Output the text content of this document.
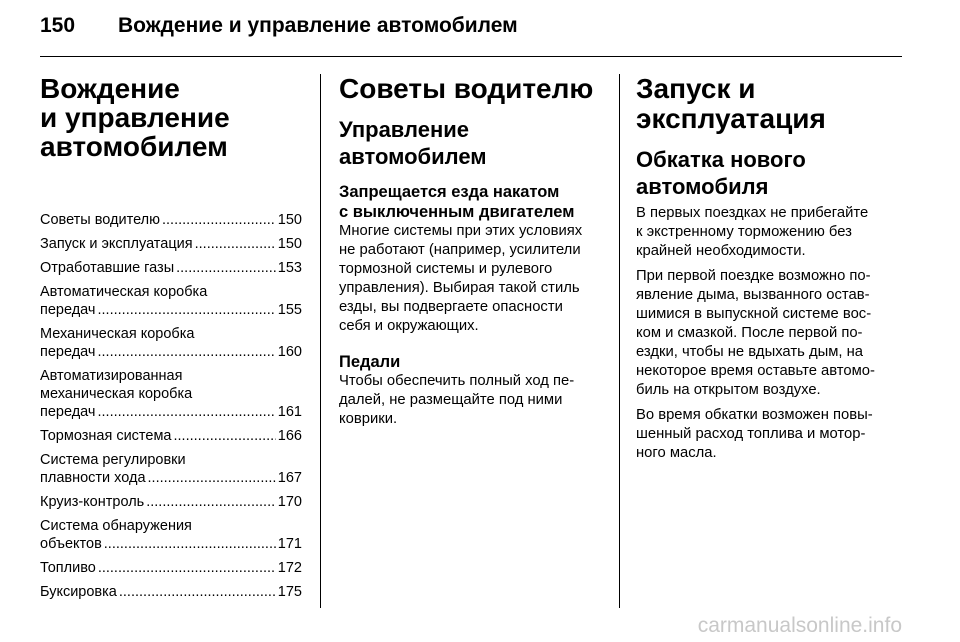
150	Вождение и управление автомобилем
Вождение
и управление
автомобилем
Советы водителю .....	150
Запуск и эксплуатация .....	150
Отработавшие газы .....	153
Автоматическая коробка
передач .....	155
Механическая коробка
передач .....	160
Автоматизированная
механическая коробка
передач .....	161
Тормозная система .....	166
Система регулировки
плавности хода .....	167
Круиз-контроль .....	170
Система обнаружения
объектов .....	171
Топливо .....	172
Буксировка .....	175
Советы водителю
Управление
автомобилем
Запрещается езда накатом
с выключенным двигателем

Многие системы при этих условиях
не работают (например, усилители
тормозной системы и рулевого
управления). Выбирая такой стиль
езды, вы подвергаете опасности
себя и окружающих.

Педали

Чтобы обеспечить полный ход пе-
далей, не размещайте под ними
коврики.

Запуск и эксплуатация
Обкатка нового
автомобиля

В первых поездках не прибегайте
к экстренному торможению без
крайней необходимости.

При первой поездке возможно по-
явление дыма, вызванного остав-
шимися в выпускной системе вос-
ком и смазкой. После первой по-
ездки, чтобы не вдыхать дым, на
некоторое время оставьте автомо-
биль на открытом воздухе.

Во время обкатки возможен повы-
шенный расход топлива и мотор-
ного масла.

carmanualsonline.info
